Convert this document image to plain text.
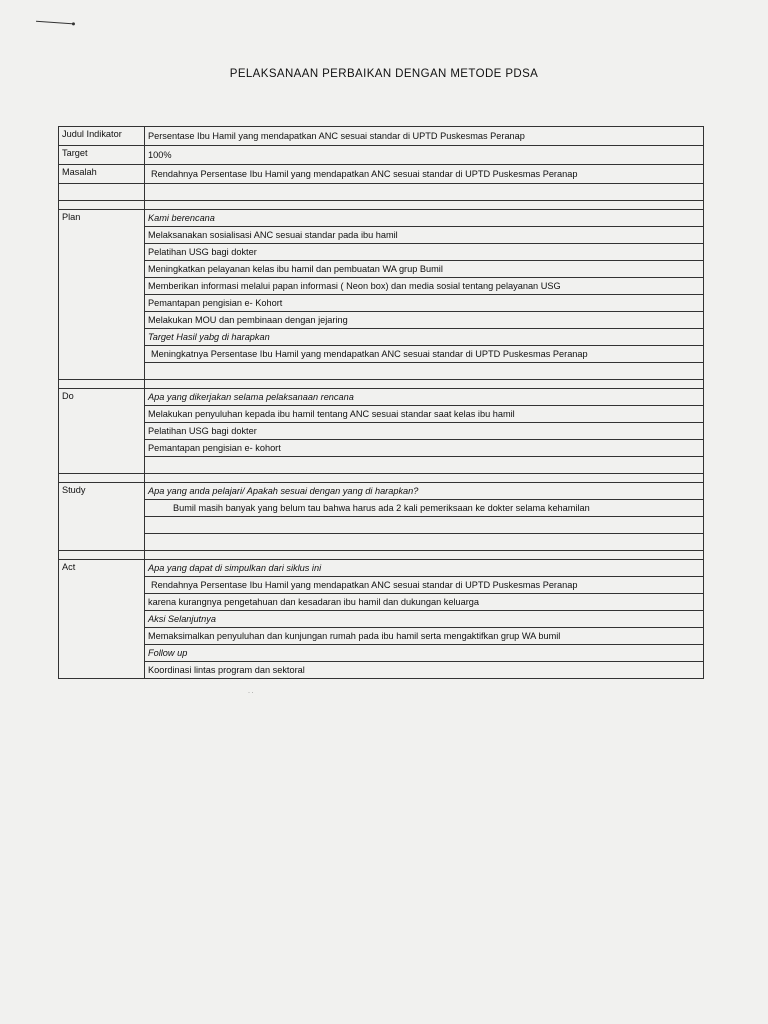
PELAKSANAAN PERBAIKAN DENGAN METODE PDSA
Judul Indikator	Persentase Ibu Hamil yang mendapatkan ANC sesuai standar di UPTD Puskesmas Peranap
Target	100%
Masalah	Rendahnya Persentase Ibu Hamil yang mendapatkan ANC sesuai standar di UPTD Puskesmas Peranap

Plan	Kami berencana
	Melaksanakan sosialisasi ANC sesuai standar pada ibu hamil
	Pelatihan USG bagi dokter
	Meningkatkan pelayanan kelas ibu hamil dan pembuatan WA grup Bumil
	Memberikan informasi melalui papan informasi ( Neon box) dan media sosial tentang pelayanan USG
	Pemantapan pengisian e- Kohort
	Melakukan MOU dan pembinaan dengan jejaring
	Target Hasil yabg di harapkan
	Meningkatnya Persentase Ibu Hamil yang mendapatkan ANC sesuai standar di UPTD Puskesmas Peranap

Do	Apa yang dikerjakan selama pelaksanaan rencana
	Melakukan penyuluhan kepada ibu hamil tentang ANC sesuai standar saat kelas ibu hamil
	Pelatihan USG bagi dokter
	Pemantapan pengisian e- kohort

Study	Apa yang anda pelajari/ Apakah sesuai dengan yang di harapkan?
	Bumil masih banyak yang belum tau bahwa harus ada 2 kali pemeriksaan ke dokter selama kehamilan

Act	Apa yang dapat di simpulkan dari siklus ini
	Rendahnya Persentase Ibu Hamil yang mendapatkan ANC sesuai standar di UPTD Puskesmas Peranap
	karena kurangnya pengetahuan dan kesadaran ibu hamil dan dukungan keluarga
	Aksi Selanjutnya
	Memaksimalkan penyuluhan dan kunjungan rumah pada ibu hamil serta mengaktifkan grup WA bumil
	Follow up
	Koordinasi lintas program dan sektoral
· ·
